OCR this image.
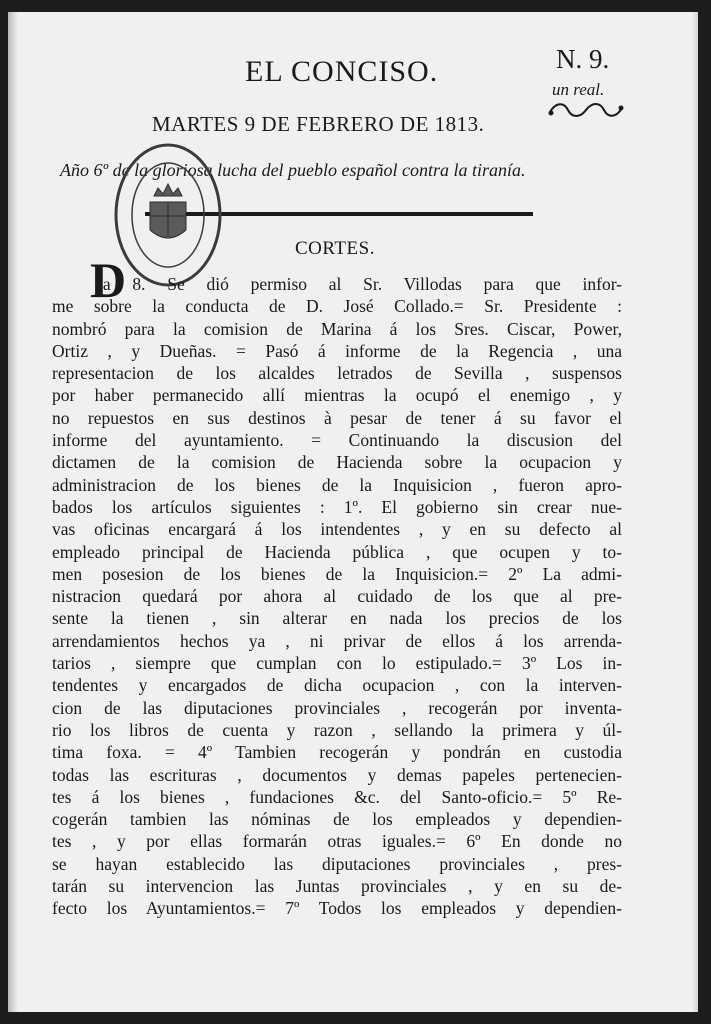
EL CONCISO.	N. 9.
un real.
MARTES 9 DE FEBRERO DE 1813.
Año 6º de la gloriosa lucha del pueblo español contra la tiranía.
CORTES.
D
ia 8. Se dió permiso al Sr. Villodas para que infor-
me sobre la conducta de D. José Collado.= Sr. Presidente :
nombró para la comision de Marina á los Sres. Ciscar, Power,
Ortiz , y Dueñas. = Pasó á informe de la Regencia , una
representacion de los alcaldes letrados de Sevilla , suspensos
por haber permanecido allí mientras la ocupó el enemigo , y
no repuestos en sus destinos à pesar de tener á su favor el
informe del ayuntamiento. = Continuando la discusion del
dictamen de la comision de Hacienda sobre la ocupacion y
administracion de los bienes de la Inquisicion , fueron apro-
bados los artículos siguientes : 1º. El gobierno sin crear nue-
vas oficinas encargará á los intendentes , y en su defecto al
empleado principal de Hacienda pública , que ocupen y to-
men posesion de los bienes de la Inquisicion.= 2º La admi-
nistracion quedará por ahora al cuidado de los que al pre-
sente la tienen , sin alterar en nada los precios de los
arrendamientos hechos ya , ni privar de ellos á los arrenda-
tarios , siempre que cumplan con lo estipulado.= 3º Los in-
tendentes y encargados de dicha ocupacion , con la interven-
cion de las diputaciones provinciales , recogerán por inventa-
rio los libros de cuenta y razon , sellando la primera y úl-
tima foxa. = 4º Tambien recogerán y pondrán en custodia
todas las escrituras , documentos y demas papeles pertenecien-
tes á los bienes , fundaciones &c. del Santo-oficio.= 5º Re-
cogerán tambien las nóminas de los empleados y dependien-
tes , y por ellas formarán otras iguales.= 6º En donde no
se hayan establecido las diputaciones provinciales , pres-
tarán su intervencion las Juntas provinciales , y en su de-
fecto los Ayuntamientos.= 7º Todos los empleados y dependien-
